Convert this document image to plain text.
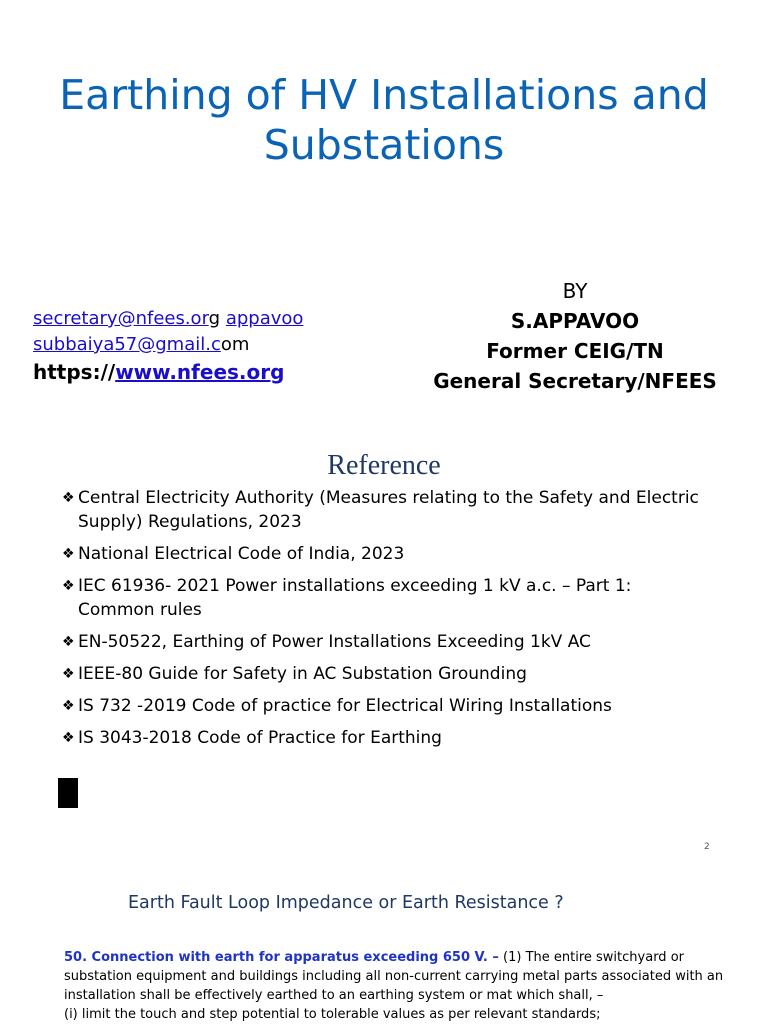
Earthing of HV Installations and
Substations
secretary@nfees.org appavoo
subbaiya57@gmail.com
https://www.nfees.org
BY
S.APPAVOO
Former CEIG/TN
General Secretary/NFEES
Reference
❖ Central Electricity Authority (Measures relating to the Safety and Electric Supply) Regulations, 2023
❖ National Electrical Code of India, 2023
❖ IEC 61936- 2021 Power installations exceeding 1 kV a.c. – Part 1: Common rules
❖ EN-50522, Earthing of Power Installations Exceeding 1kV AC
❖ IEEE-80 Guide for Safety in AC Substation Grounding
❖ IS 732 -2019 Code of practice for Electrical Wiring Installations
❖ IS 3043-2018 Code of Practice for Earthing
2
Earth Fault Loop Impedance or Earth Resistance ?

50. Connection with earth for apparatus exceeding 650 V. – (1) The entire switchyard or substation equipment and buildings including all non-current carrying metal parts associated with an installation shall be effectively earthed to an earthing system or mat which shall, –
(i) limit the touch and step potential to tolerable values as per relevant standards;
